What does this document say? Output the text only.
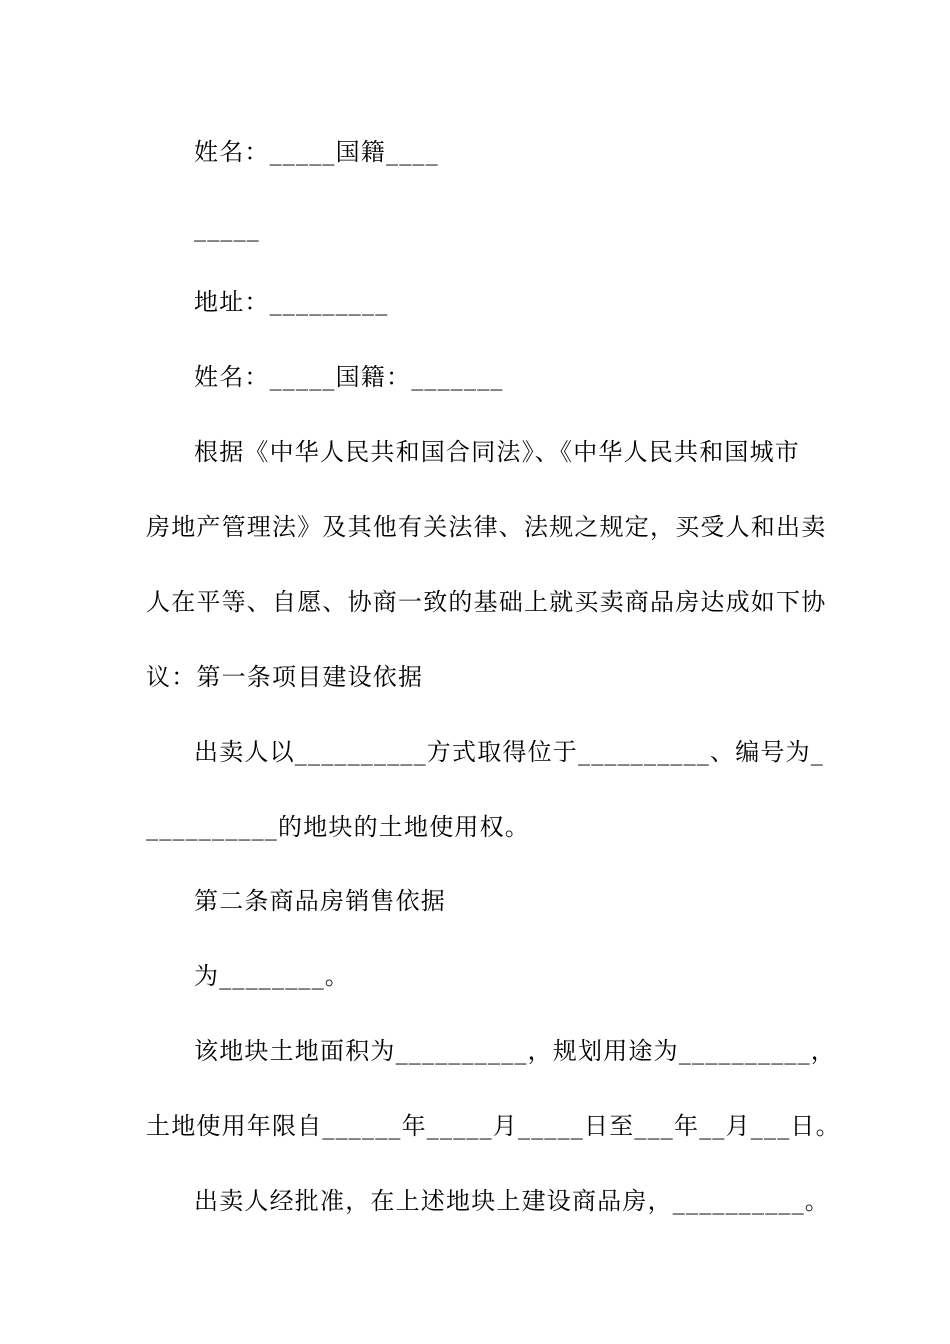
姓名：_____国籍____
_____
地址：_________
姓名：_____国籍：_______
根据《中华人民共和国合同法》、《中华人民共和国城市
房地产管理法》及其他有关法律、法规之规定，买受人和出卖
人在平等、自愿、协商一致的基础上就买卖商品房达成如下协
议：第一条项目建设依据
出卖人以__________方式取得位于__________、编号为_
__________的地块的土地使用权。
第二条商品房销售依据
为________。
该地块土地面积为__________，规划用途为__________，
土地使用年限自______年_____月_____日至___年__月___日。
出卖人经批准，在上述地块上建设商品房，__________。
